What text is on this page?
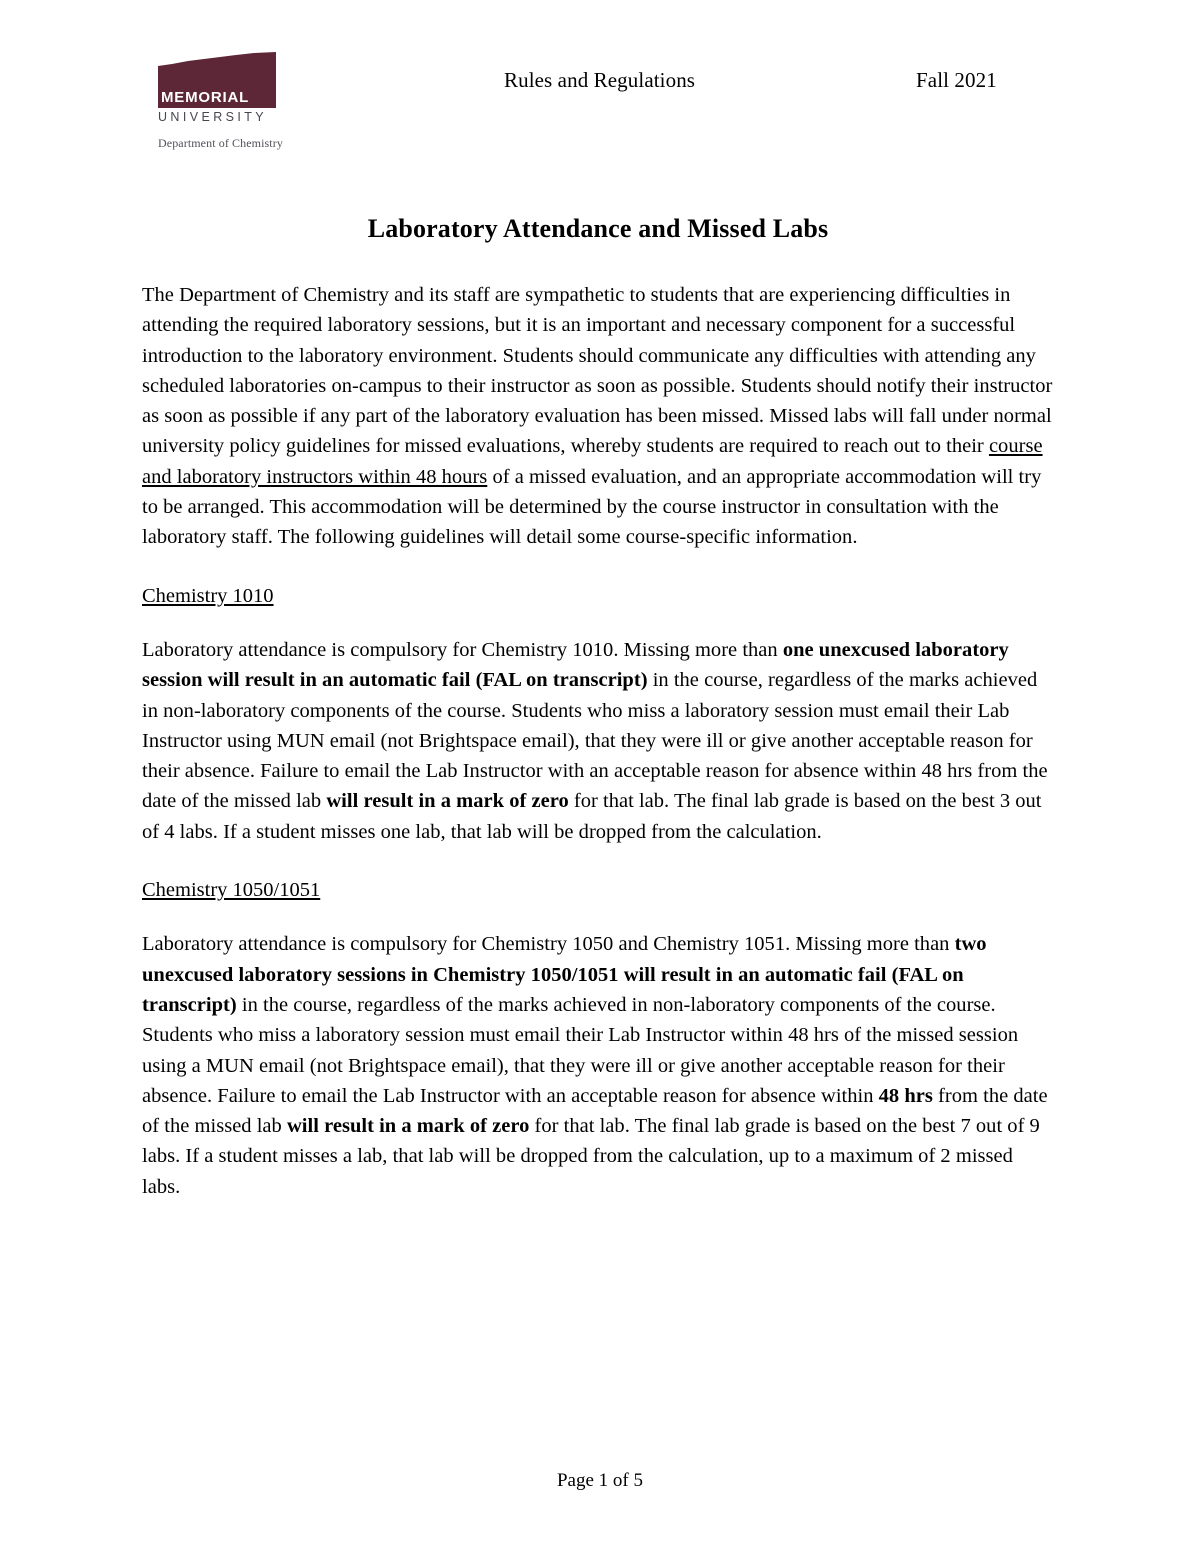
MEMORIAL
UNIVERSITY
Department of Chemistry
Rules and Regulations	Fall 2021
Laboratory Attendance and Missed Labs

The Department of Chemistry and its staff are sympathetic to students that are experiencing difficulties in attending the required laboratory sessions, but it is an important and necessary component for a successful introduction to the laboratory environment. Students should communicate any difficulties with attending any scheduled laboratories on-campus to their instructor as soon as possible. Students should notify their instructor as soon as possible if any part of the laboratory evaluation has been missed. Missed labs will fall under normal university policy guidelines for missed evaluations, whereby students are required to reach out to their course and laboratory instructors within 48 hours of a missed evaluation, and an appropriate accommodation will try to be arranged. This accommodation will be determined by the course instructor in consultation with the laboratory staff. The following guidelines will detail some course-specific information.

Chemistry 1010

Laboratory attendance is compulsory for Chemistry 1010. Missing more than one unexcused laboratory session will result in an automatic fail (FAL on transcript) in the course, regardless of the marks achieved in non-laboratory components of the course. Students who miss a laboratory session must email their Lab Instructor using MUN email (not Brightspace email), that they were ill or give another acceptable reason for their absence. Failure to email the Lab Instructor with an acceptable reason for absence within 48 hrs from the date of the missed lab will result in a mark of zero for that lab. The final lab grade is based on the best 3 out of 4 labs. If a student misses one lab, that lab will be dropped from the calculation.

Chemistry 1050/1051

Laboratory attendance is compulsory for Chemistry 1050 and Chemistry 1051. Missing more than two unexcused laboratory sessions in Chemistry 1050/1051 will result in an automatic fail (FAL on transcript) in the course, regardless of the marks achieved in non-laboratory components of the course. Students who miss a laboratory session must email their Lab Instructor within 48 hrs of the missed session using a MUN email (not Brightspace email), that they were ill or give another acceptable reason for their absence. Failure to email the Lab Instructor with an acceptable reason for absence within 48 hrs from the date of the missed lab will result in a mark of zero for that lab. The final lab grade is based on the best 7 out of 9 labs. If a student misses a lab, that lab will be dropped from the calculation, up to a maximum of 2 missed labs.

Page 1 of 5
